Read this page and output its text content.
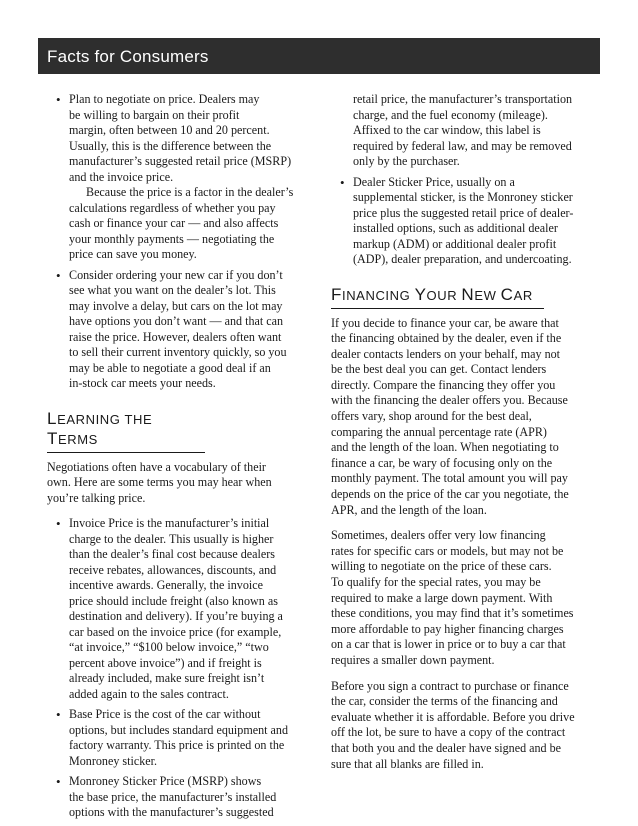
Facts for Consumers

• Plan to negotiate on price. Dealers may
be willing to bargain on their profit
margin, often between 10 and 20 percent.
Usually, this is the difference between the
manufacturer’s suggested retail price (MSRP)
and the invoice price.

Because the price is a factor in the dealer’s

calculations regardless of whether you pay
cash or finance your car — and also affects
your monthly payments — negotiating the
price can save you money.

• Consider ordering your new car if you don’t
see what you want on the dealer’s lot. This
may involve a delay, but cars on the lot may
have options you don’t want — and that can
raise the price. However, dealers often want
to sell their current inventory quickly, so you
may be able to negotiate a good deal if an
in-stock car meets your needs.

LEARNING THE TERMS

Negotiations often have a vocabulary of their
own. Here are some terms you may hear when
you’re talking price.

• Invoice Price is the manufacturer’s initial
charge to the dealer. This usually is higher
than the dealer’s final cost because dealers
receive rebates, allowances, discounts, and
incentive awards. Generally, the invoice
price should include freight (also known as
destination and delivery). If you’re buying a
car based on the invoice price (for example,
“at invoice,” “$100 below invoice,” “two
percent above invoice”) and if freight is
already included, make sure freight isn’t
added again to the sales contract.

• Base Price is the cost of the car without
options, but includes standard equipment and
factory warranty. This price is printed on the
Monroney sticker.

• Monroney Sticker Price (MSRP) shows
the base price, the manufacturer’s installed
options with the manufacturer’s suggested

retail price, the manufacturer’s transportation
charge, and the fuel economy (mileage).
Affixed to the car window, this label is
required by federal law, and may be removed
only by the purchaser.

• Dealer Sticker Price, usually on a
supplemental sticker, is the Monroney sticker
price plus the suggested retail price of dealer-
installed options, such as additional dealer
markup (ADM) or additional dealer profit
(ADP), dealer preparation, and undercoating.

FINANCING YOUR NEW CAR

If you decide to finance your car, be aware that
the financing obtained by the dealer, even if the
dealer contacts lenders on your behalf, may not
be the best deal you can get. Contact lenders
directly. Compare the financing they offer you
with the financing the dealer offers you. Because
offers vary, shop around for the best deal,
comparing the annual percentage rate (APR)
and the length of the loan. When negotiating to
finance a car, be wary of focusing only on the
monthly payment. The total amount you will pay
depends on the price of the car you negotiate, the
APR, and the length of the loan.

Sometimes, dealers offer very low financing
rates for specific cars or models, but may not be
willing to negotiate on the price of these cars.
To qualify for the special rates, you may be
required to make a large down payment. With
these conditions, you may find that it’s sometimes
more affordable to pay higher financing charges
on a car that is lower in price or to buy a car that
requires a smaller down payment.

Before you sign a contract to purchase or finance
the car, consider the terms of the financing and
evaluate whether it is affordable. Before you drive
off the lot, be sure to have a copy of the contract
that both you and the dealer have signed and be
sure that all blanks are filled in.
